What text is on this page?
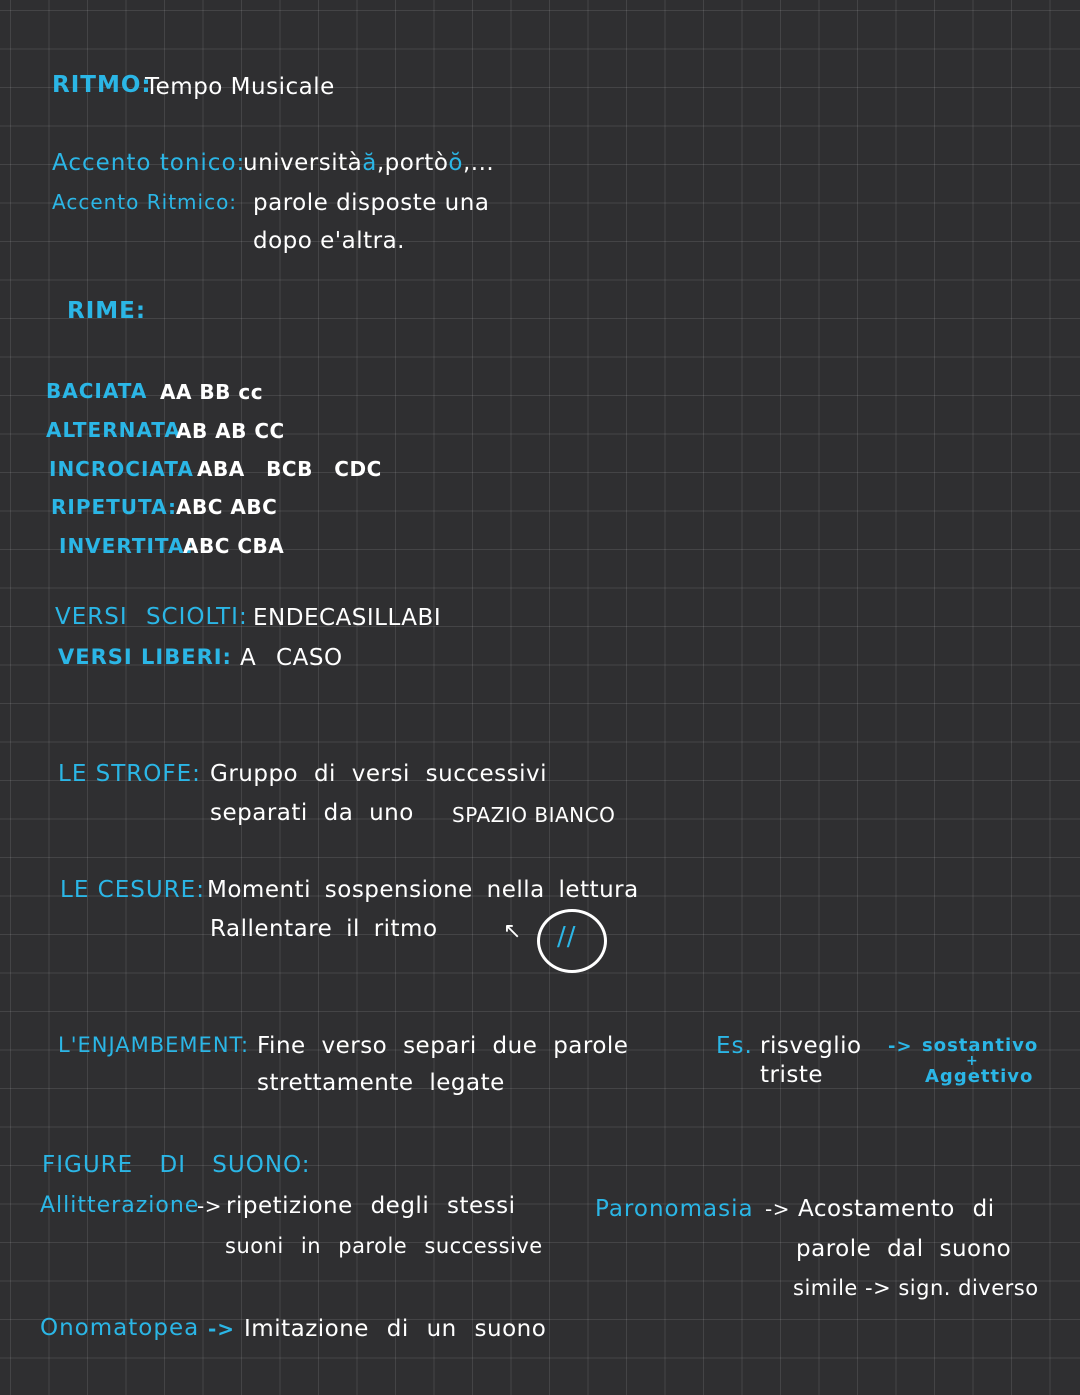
RITMO:
Tempo Musicale
Accento tonico:
universitàă,portòŏ,...
Accento Ritmico: parole disposte una
dopo e'altra.
RIME:
BACIATA AA BB cc
ALTERNATA
AB AB CC
INCROCIATA ABA BCB CDC
RIPETUTA: ABC ABC
INVERTITA:
ABC CBA
VERSI SCIOLTI: ENDECASILLABI
VERSI LIBERI: A CASO
LE STROFE: Gruppo di versi successivi
separati da uno SPAZIO BIANCO
LE CESURE: Momenti sospensione nella lettura
Rallentare il ritmo	↖ //
L'ENJAMBEMENT: Fine verso separi due parole
strettamente legate
Es. risveglio
triste
-> sostantivo
+
Aggettivo
FIGURE DI SUONO:
Allitterazione
-> ripetizione degli stessi
suoni in parole successive
Paronomasia -> Acostamento di
parole dal suono
simile -> sign. diverso
Onomatopea -> Imitazione di un suono
